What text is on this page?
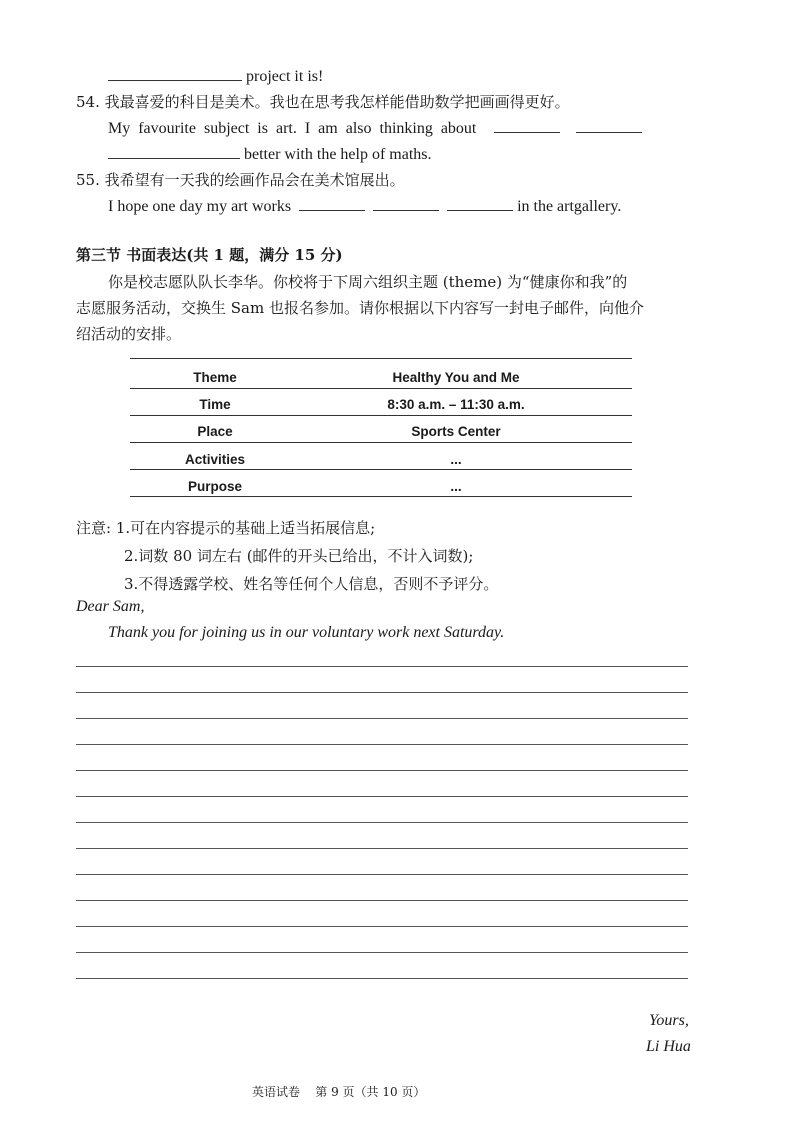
project it is!
54. 我最喜爱的科目是美术。我也在思考我怎样能借助数学把画画得更好。
My  favourite  subject  is  art.  I  am  also  thinking  about
better with the help of maths.
55. 我希望有一天我的绘画作品会在美术馆展出。
I hope one day my art works	in the artgallery.
第三节 书面表达(共 1 题，满分 15 分)
你是校志愿队队长李华。你校将于下周六组织主题 (theme) 为“健康你和我”的
志愿服务活动，交换生 Sam 也报名参加。请你根据以下内容写一封电子邮件，向他介
绍活动的安排。
Theme	Healthy You and Me
Time	8:30 a.m. – 11:30 a.m.
Place	Sports Center
Activities	...
Purpose	...
注意: 1.可在内容提示的基础上适当拓展信息;
2.词数 80 词左右 (邮件的开头已给出，不计入词数);
3.不得透露学校、姓名等任何个人信息，否则不予评分。
Dear Sam,
Thank you for joining us in our voluntary work next Saturday.
Yours,
Li Hua
英语试卷    第 9 页（共 10 页）
